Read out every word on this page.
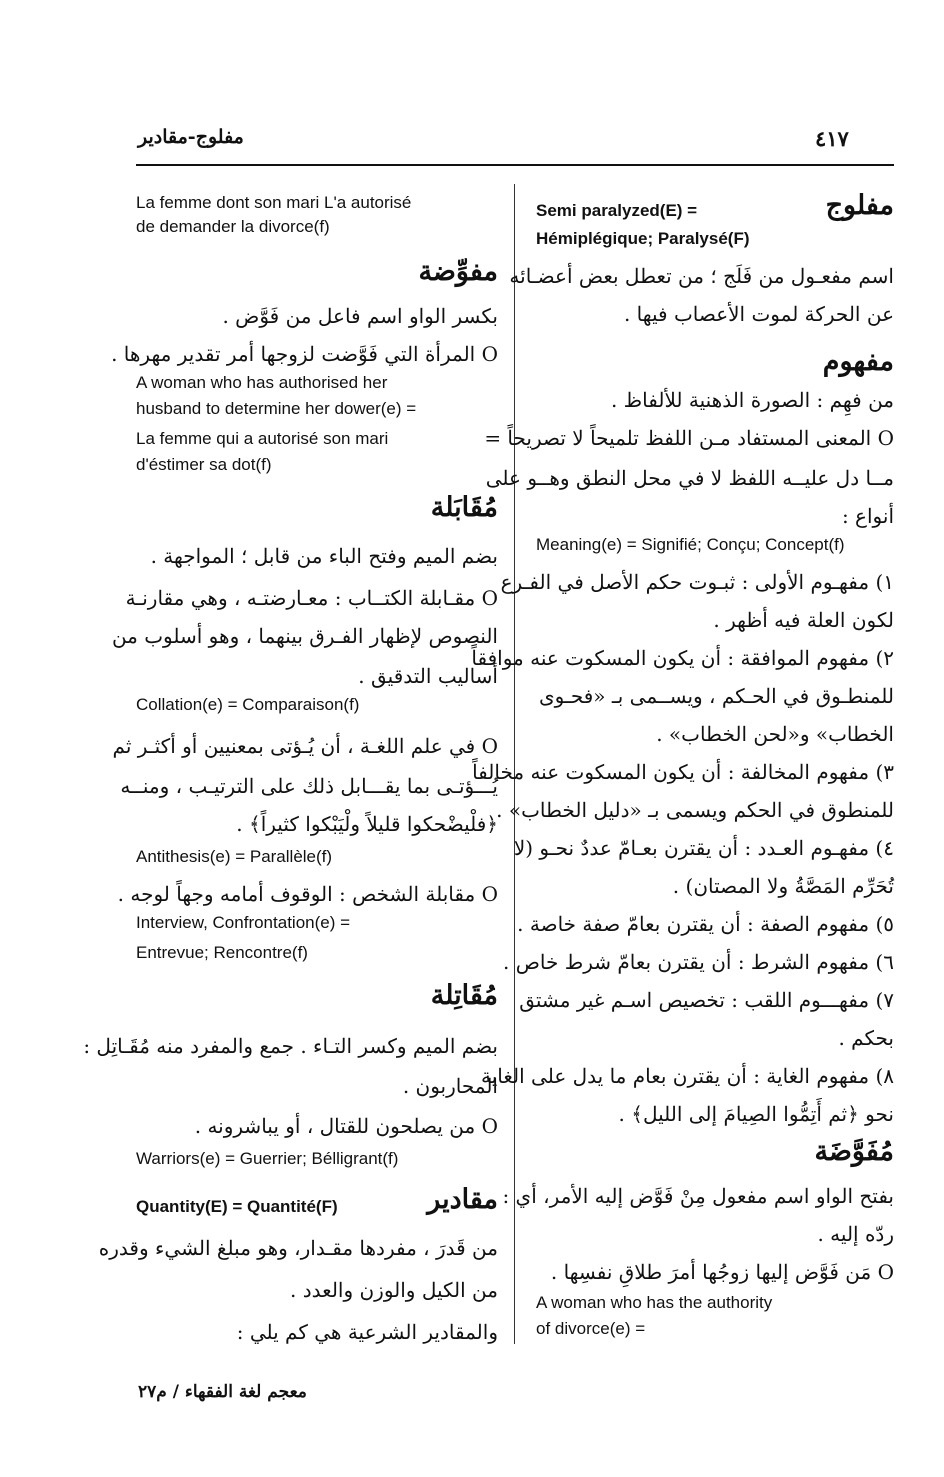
مفلوج-مقادير	٤١٧
مفلوج
Semi paralyzed(E) =
Hémiplégique; Paralysé(F)
اسم مفعـول من فَلَج ؛ من تعطل بعض أعضـائه
عن الحركة لموت الأعصاب فيها .
مفهوم
من فهِم : الصورة الذهنية للألفاظ .
O المعنى المستفاد مـن اللفظ تلميحاً لا تصريحاً =
مــا دل عليــه اللفظ لا في محل النطق وهــو على
أنواع :
Meaning(e) = Signifié; Conçu; Concept(f)
١) مفهـوم الأولى : ثبـوت حكم الأصل في الفـرع
لكون العلة فيه أظهر .
٢) مفهوم الموافقة : أن يكون المسكوت عنه موافقاً
للمنطـوق في الحـكم ، ويســمى بـ «فحـوى
الخطاب» و«لحن الخطاب» .
٣) مفهوم المخالفة : أن يكون المسكوت عنه مخالفاً
للمنطوق في الحكم ويسمى بـ «دليل الخطاب» .
٤) مفهـوم العـدد : أن يقترن بعـامّ عددٌ نحـو (لا
تُحَرِّم المَصَّةُ ولا المصتان) .
٥) مفهوم الصفة : أن يقترن بعامّ صفة خاصة .
٦) مفهوم الشرط : أن يقترن بعامّ شرط خاص .
٧) مفهـــوم اللقب : تخصيص اسـم غير مشتق
بحكم .
٨) مفهوم الغاية : أن يقترن بعام ما يدل على الغاية
نحو ﴿ثم أَتِمُّوا الصِيامَ إلى الليل﴾ .
مُفَوَّضَة
بفتح الواو اسم مفعول مِنْ فَوَّض إليه الأمر، أي :
ردّه إليه .
O مَن فَوَّض إليها زوجُها أمرَ طلاقِ نفسِها .
A woman who has the authority
of divorce(e) =
La femme dont son mari L'a autorisé
de demander la divorce(f)
مفوِّضة
بكسر الواو اسم فاعل من فَوَّض .
O المرأة التي فَوَّضت لزوجها أمر تقدير مهرها .
A woman who has authorised her
husband to determine her dower(e) =
La femme qui a autorisé son mari
d'éstimer sa dot(f)
مُقَابَلة
بضم الميم وفتح الباء من قابل ؛ المواجهة .
O مقـابلة الكتــاب : معـارضتـه ، وهي مقارنـة
النصوص لإظهار الفـرق بينهما ، وهو أسلوب من
أساليب التدقيق .
Collation(e) = Comparaison(f)
O في علم اللغـة ، أن يُـؤتى بمعنيين أو أكثـر ثم
يُـــؤتـى بما يقـــابل ذلك على الترتيـب ، ومنــه
﴿فلْيضْحكوا قليلاً ولْيَبْكوا كثيراً﴾ .
Antithesis(e) = Parallèle(f)
O مقابلة الشخص : الوقوف أمامه وجهاً لوجه .
Interview, Confrontation(e) =
Entrevue; Rencontre(f)
مُقَاتِلة
بضم الميم وكسر التـاء . جمع والمفرد منه مُقَـاتِل :
المحاربون .
O من يصلحون للقتال ، أو يباشرونه .
Warriors(e) = Guerrier; Bélligrant(f)
مقادير
Quantity(E) = Quantité(F)
من قَدرَ ، مفردها مقـدار، وهو مبلغ الشيء وقدره
من الكيل والوزن والعدد .
والمقادير الشرعية هي كم يلي :
معجم لغة الفقهاء / م٢٧
